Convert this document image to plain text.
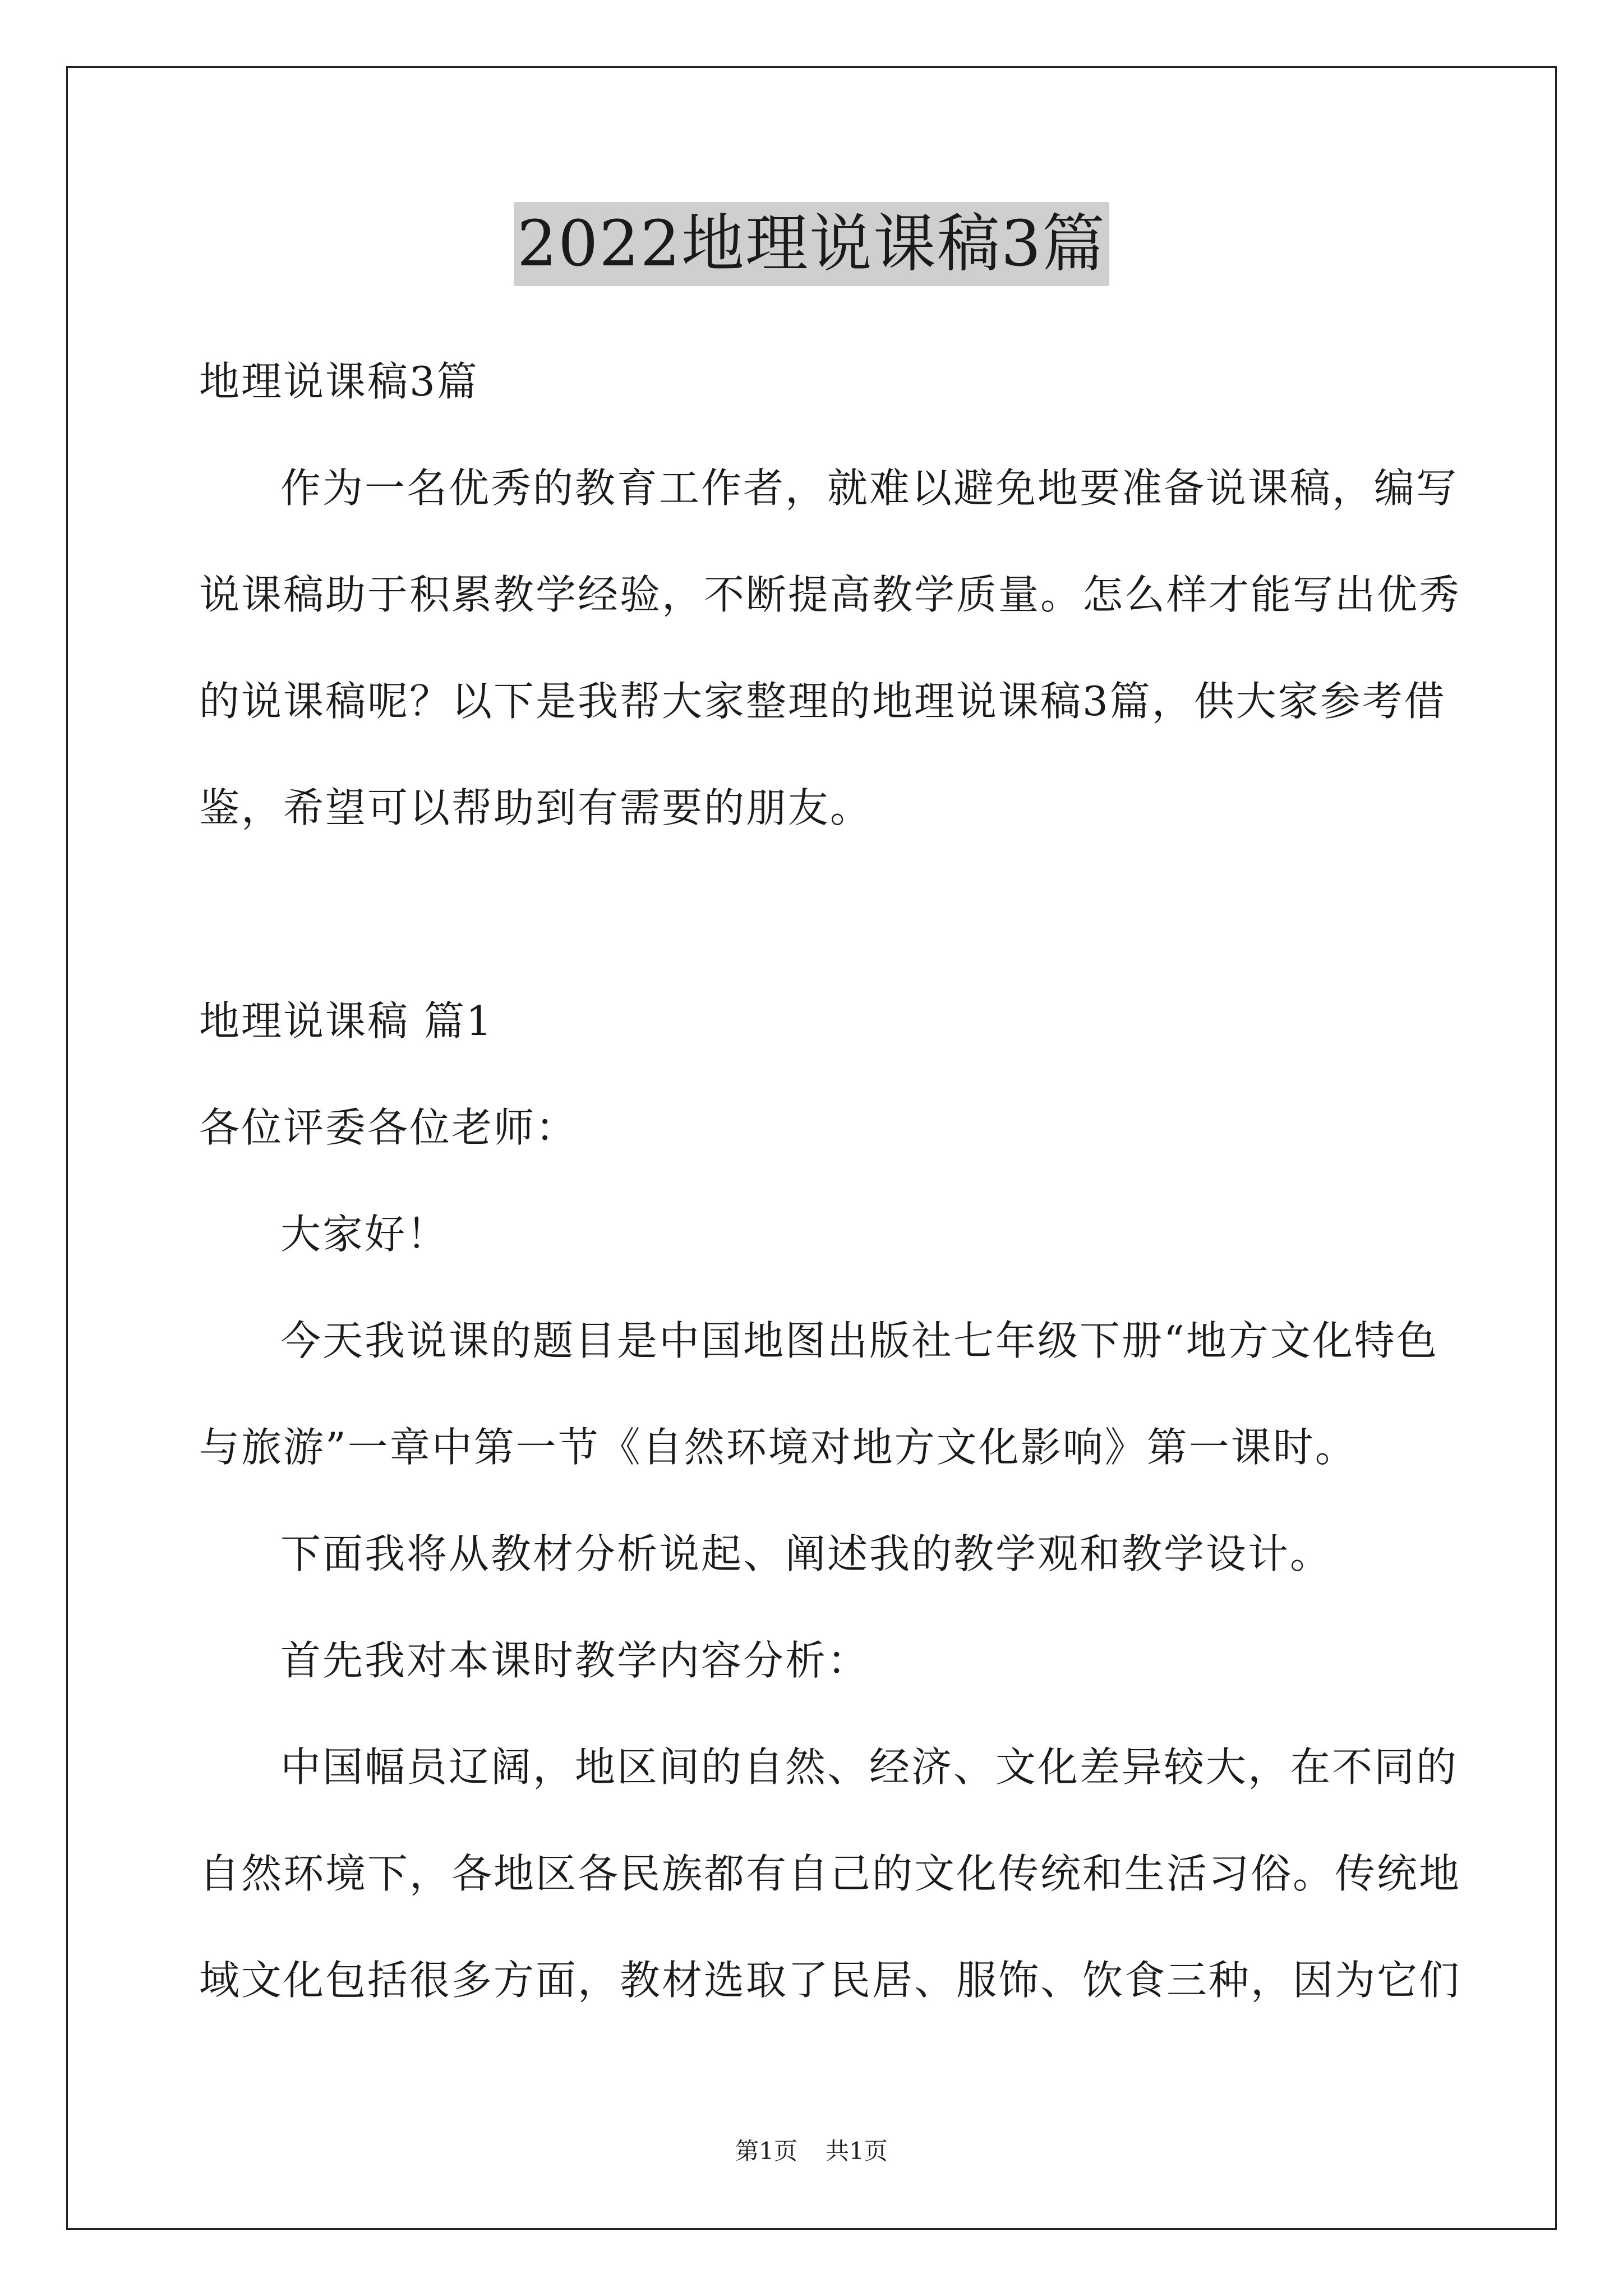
2022地理说课稿3篇
地理说课稿3篇
作为一名优秀的教育工作者，就难以避免地要准备说课稿，编写
说课稿助于积累教学经验，不断提高教学质量。怎么样才能写出优秀
的说课稿呢？以下是我帮大家整理的地理说课稿3篇，供大家参考借
鉴，希望可以帮助到有需要的朋友。
地理说课稿 篇1
各位评委各位老师：
大家好！
今天我说课的题目是中国地图出版社七年级下册“地方文化特色
与旅游”一章中第一节《自然环境对地方文化影响》第一课时。
下面我将从教材分析说起、阐述我的教学观和教学设计。
首先我对本课时教学内容分析：
中国幅员辽阔，地区间的自然、经济、文化差异较大，在不同的
自然环境下，各地区各民族都有自己的文化传统和生活习俗。传统地
域文化包括很多方面，教材选取了民居、服饰、饮食三种，因为它们
第1页 共1页
